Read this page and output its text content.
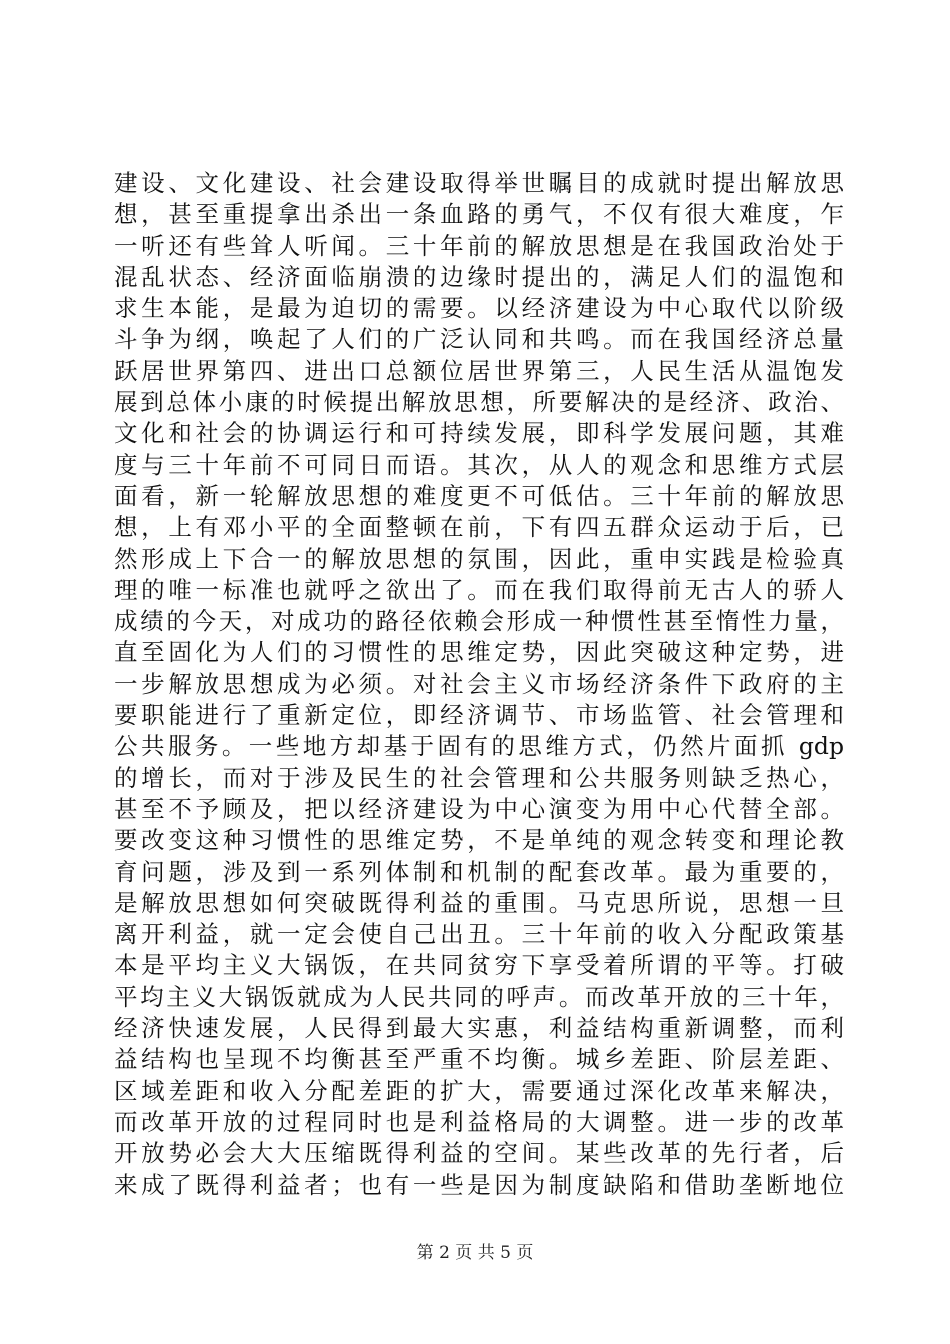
建设、文化建设、社会建设取得举世瞩目的成就时提出解放思
想，甚至重提拿出杀出一条血路的勇气，不仅有很大难度，乍
一听还有些耸人听闻。三十年前的解放思想是在我国政治处于
混乱状态、经济面临崩溃的边缘时提出的，满足人们的温饱和
求生本能，是最为迫切的需要。以经济建设为中心取代以阶级
斗争为纲，唤起了人们的广泛认同和共鸣。而在我国经济总量
跃居世界第四、进出口总额位居世界第三，人民生活从温饱发
展到总体小康的时候提出解放思想，所要解决的是经济、政治、
文化和社会的协调运行和可持续发展，即科学发展问题，其难
度与三十年前不可同日而语。其次，从人的观念和思维方式层
面看，新一轮解放思想的难度更不可低估。三十年前的解放思
想，上有邓小平的全面整顿在前，下有四五群众运动于后，已
然形成上下合一的解放思想的氛围，因此，重申实践是检验真
理的唯一标准也就呼之欲出了。而在我们取得前无古人的骄人
成绩的今天，对成功的路径依赖会形成一种惯性甚至惰性力量，
直至固化为人们的习惯性的思维定势，因此突破这种定势，进
一步解放思想成为必须。对社会主义市场经济条件下政府的主
要职能进行了重新定位，即经济调节、市场监管、社会管理和
公共服务。一些地方却基于固有的思维方式，仍然片面抓 gdp
的增长，而对于涉及民生的社会管理和公共服务则缺乏热心，
甚至不予顾及，把以经济建设为中心演变为用中心代替全部。
要改变这种习惯性的思维定势，不是单纯的观念转变和理论教
育问题，涉及到一系列体制和机制的配套改革。最为重要的，
是解放思想如何突破既得利益的重围。马克思所说，思想一旦
离开利益，就一定会使自己出丑。三十年前的收入分配政策基
本是平均主义大锅饭，在共同贫穷下享受着所谓的平等。打破
平均主义大锅饭就成为人民共同的呼声。而改革开放的三十年，
经济快速发展，人民得到最大实惠，利益结构重新调整，而利
益结构也呈现不均衡甚至严重不均衡。城乡差距、阶层差距、
区域差距和收入分配差距的扩大，需要通过深化改革来解决，
而改革开放的过程同时也是利益格局的大调整。进一步的改革
开放势必会大大压缩既得利益的空间。某些改革的先行者，后
来成了既得利益者；也有一些是因为制度缺陷和借助垄断地位
第 2 页 共 5 页
